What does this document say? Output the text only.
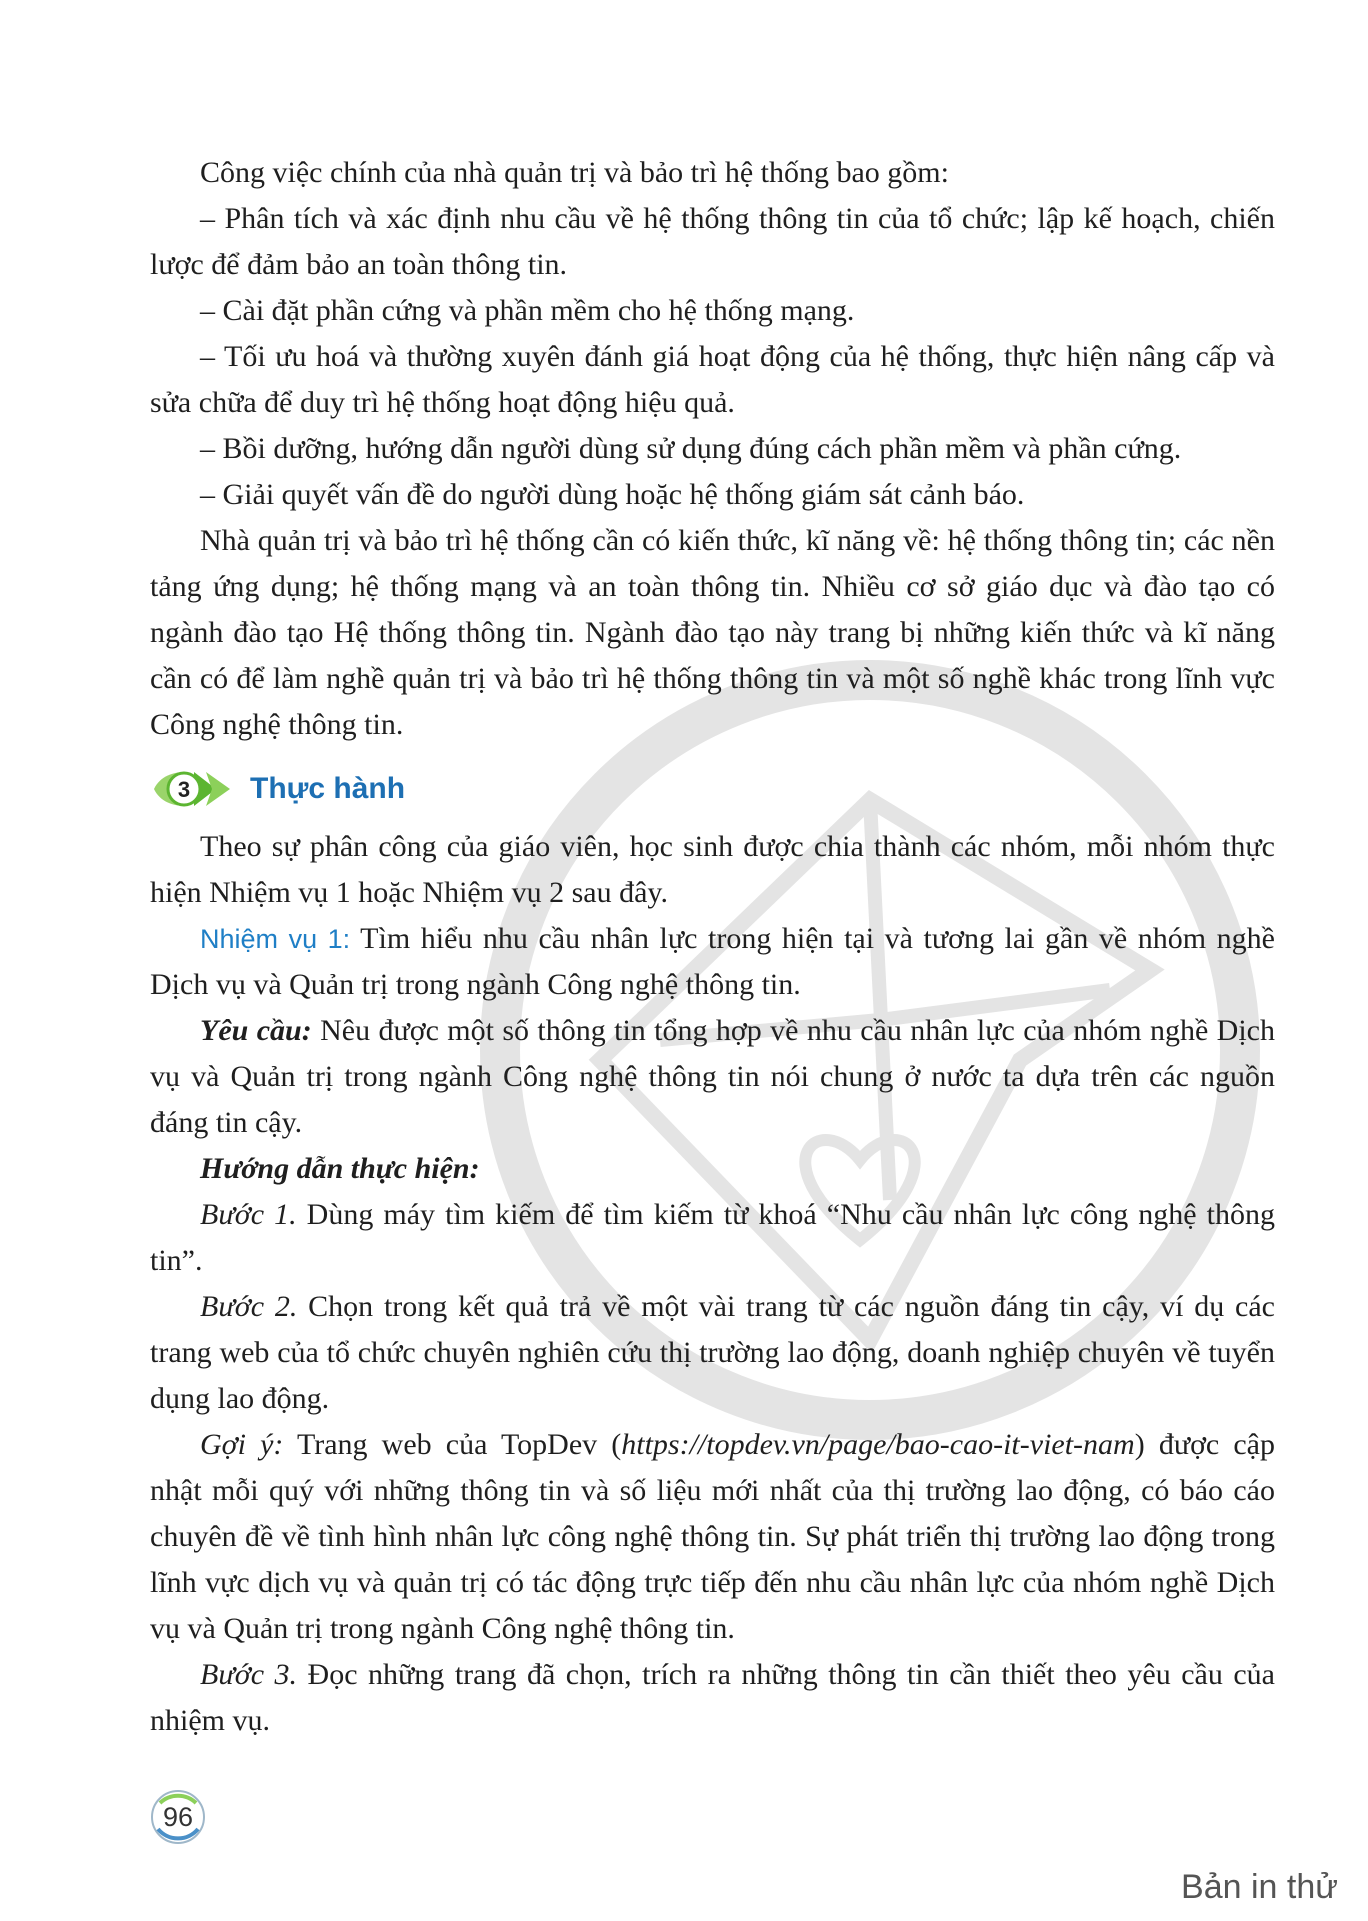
Công việc chính của nhà quản trị và bảo trì hệ thống bao gồm:

– Phân tích và xác định nhu cầu về hệ thống thông tin của tổ chức; lập kế hoạch, chiến lược để đảm bảo an toàn thông tin.

– Cài đặt phần cứng và phần mềm cho hệ thống mạng.

– Tối ưu hoá và thường xuyên đánh giá hoạt động của hệ thống, thực hiện nâng cấp và sửa chữa để duy trì hệ thống hoạt động hiệu quả.

– Bồi dưỡng, hướng dẫn người dùng sử dụng đúng cách phần mềm và phần cứng.

– Giải quyết vấn đề do người dùng hoặc hệ thống giám sát cảnh báo.

Nhà quản trị và bảo trì hệ thống cần có kiến thức, kĩ năng về: hệ thống thông tin; các nền tảng ứng dụng; hệ thống mạng và an toàn thông tin. Nhiều cơ sở giáo dục và đào tạo có ngành đào tạo Hệ thống thông tin. Ngành đào tạo này trang bị những kiến thức và kĩ năng cần có để làm nghề quản trị và bảo trì hệ thống thông tin và một số nghề khác trong lĩnh vực Công nghệ thông tin.

3 Thực hành

Theo sự phân công của giáo viên, học sinh được chia thành các nhóm, mỗi nhóm thực hiện Nhiệm vụ 1 hoặc Nhiệm vụ 2 sau đây.

Nhiệm vụ 1: Tìm hiểu nhu cầu nhân lực trong hiện tại và tương lai gần về nhóm nghề Dịch vụ và Quản trị trong ngành Công nghệ thông tin.

Yêu cầu: Nêu được một số thông tin tổng hợp về nhu cầu nhân lực của nhóm nghề Dịch vụ và Quản trị trong ngành Công nghệ thông tin nói chung ở nước ta dựa trên các nguồn đáng tin cậy.

Hướng dẫn thực hiện:

Bước 1. Dùng máy tìm kiếm để tìm kiếm từ khoá “Nhu cầu nhân lực công nghệ thông tin”.

Bước 2. Chọn trong kết quả trả về một vài trang từ các nguồn đáng tin cậy, ví dụ các trang web của tổ chức chuyên nghiên cứu thị trường lao động, doanh nghiệp chuyên về tuyển dụng lao động.

Gợi ý: Trang web của TopDev (https://topdev.vn/page/bao-cao-it-viet-nam) được cập nhật mỗi quý với những thông tin và số liệu mới nhất của thị trường lao động, có báo cáo chuyên đề về tình hình nhân lực công nghệ thông tin. Sự phát triển thị trường lao động trong lĩnh vực dịch vụ và quản trị có tác động trực tiếp đến nhu cầu nhân lực của nhóm nghề Dịch vụ và Quản trị trong ngành Công nghệ thông tin.

Bước 3. Đọc những trang đã chọn, trích ra những thông tin cần thiết theo yêu cầu của nhiệm vụ.

96
Bản in thử
